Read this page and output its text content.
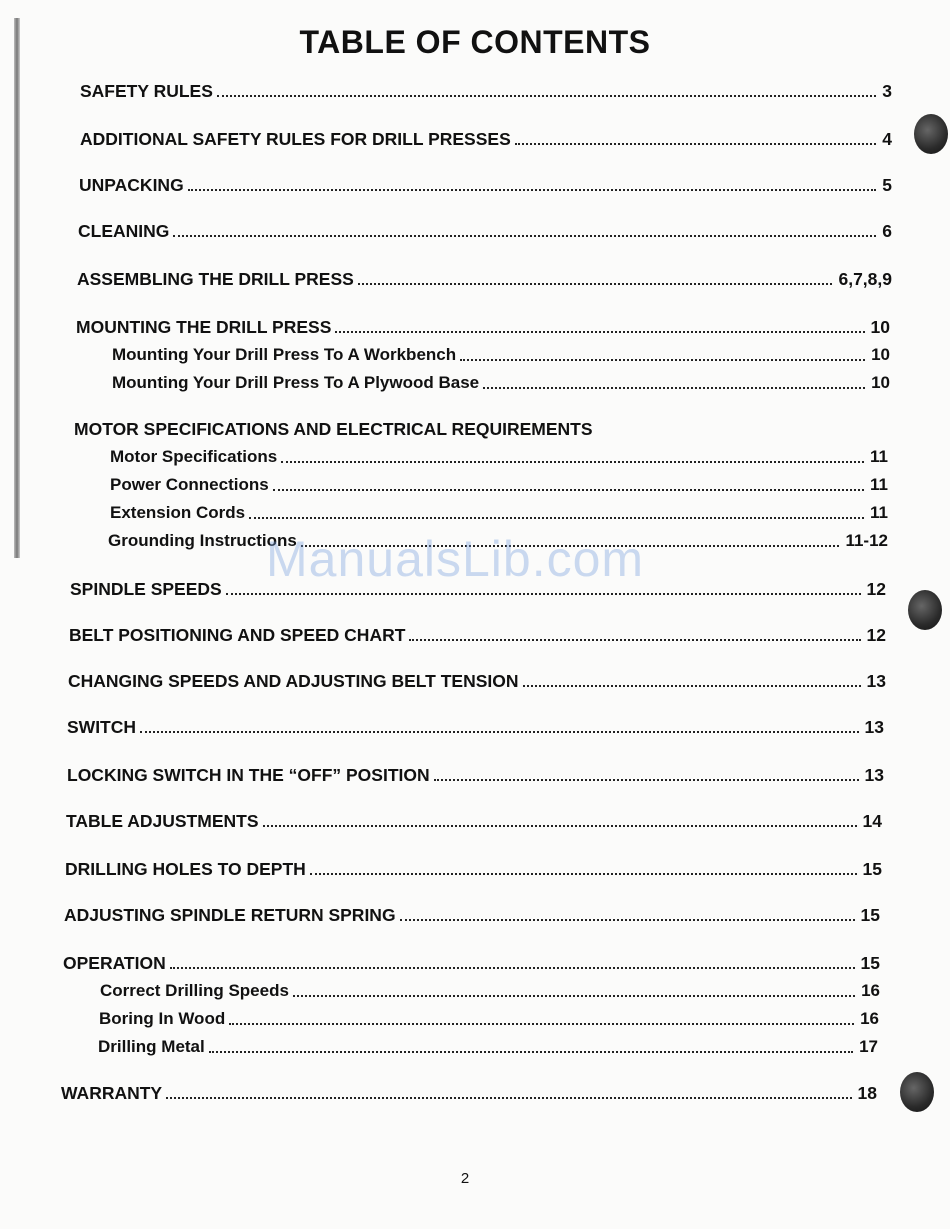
TABLE OF CONTENTS
SAFETY RULES	3
ADDITIONAL SAFETY RULES FOR DRILL PRESSES	4
UNPACKING	5
CLEANING	6
ASSEMBLING THE DRILL PRESS	6,7,8,9
MOUNTING THE DRILL PRESS	10
Mounting Your Drill Press To A Workbench	10
Mounting Your Drill Press To A Plywood Base	10
MOTOR SPECIFICATIONS AND ELECTRICAL REQUIREMENTS
Motor Specifications	11
Power Connections	11
Extension Cords	11
Grounding Instructions	11-12
SPINDLE SPEEDS	12
BELT POSITIONING AND SPEED CHART	12
CHANGING SPEEDS AND ADJUSTING BELT TENSION	13
SWITCH	13
LOCKING SWITCH IN THE “OFF” POSITION	13
TABLE ADJUSTMENTS	14
DRILLING HOLES TO DEPTH	15
ADJUSTING SPINDLE RETURN SPRING	15
OPERATION	15
Correct Drilling Speeds	16
Boring In Wood	16
Drilling Metal	17
WARRANTY	18
ManualsLib.com
2
